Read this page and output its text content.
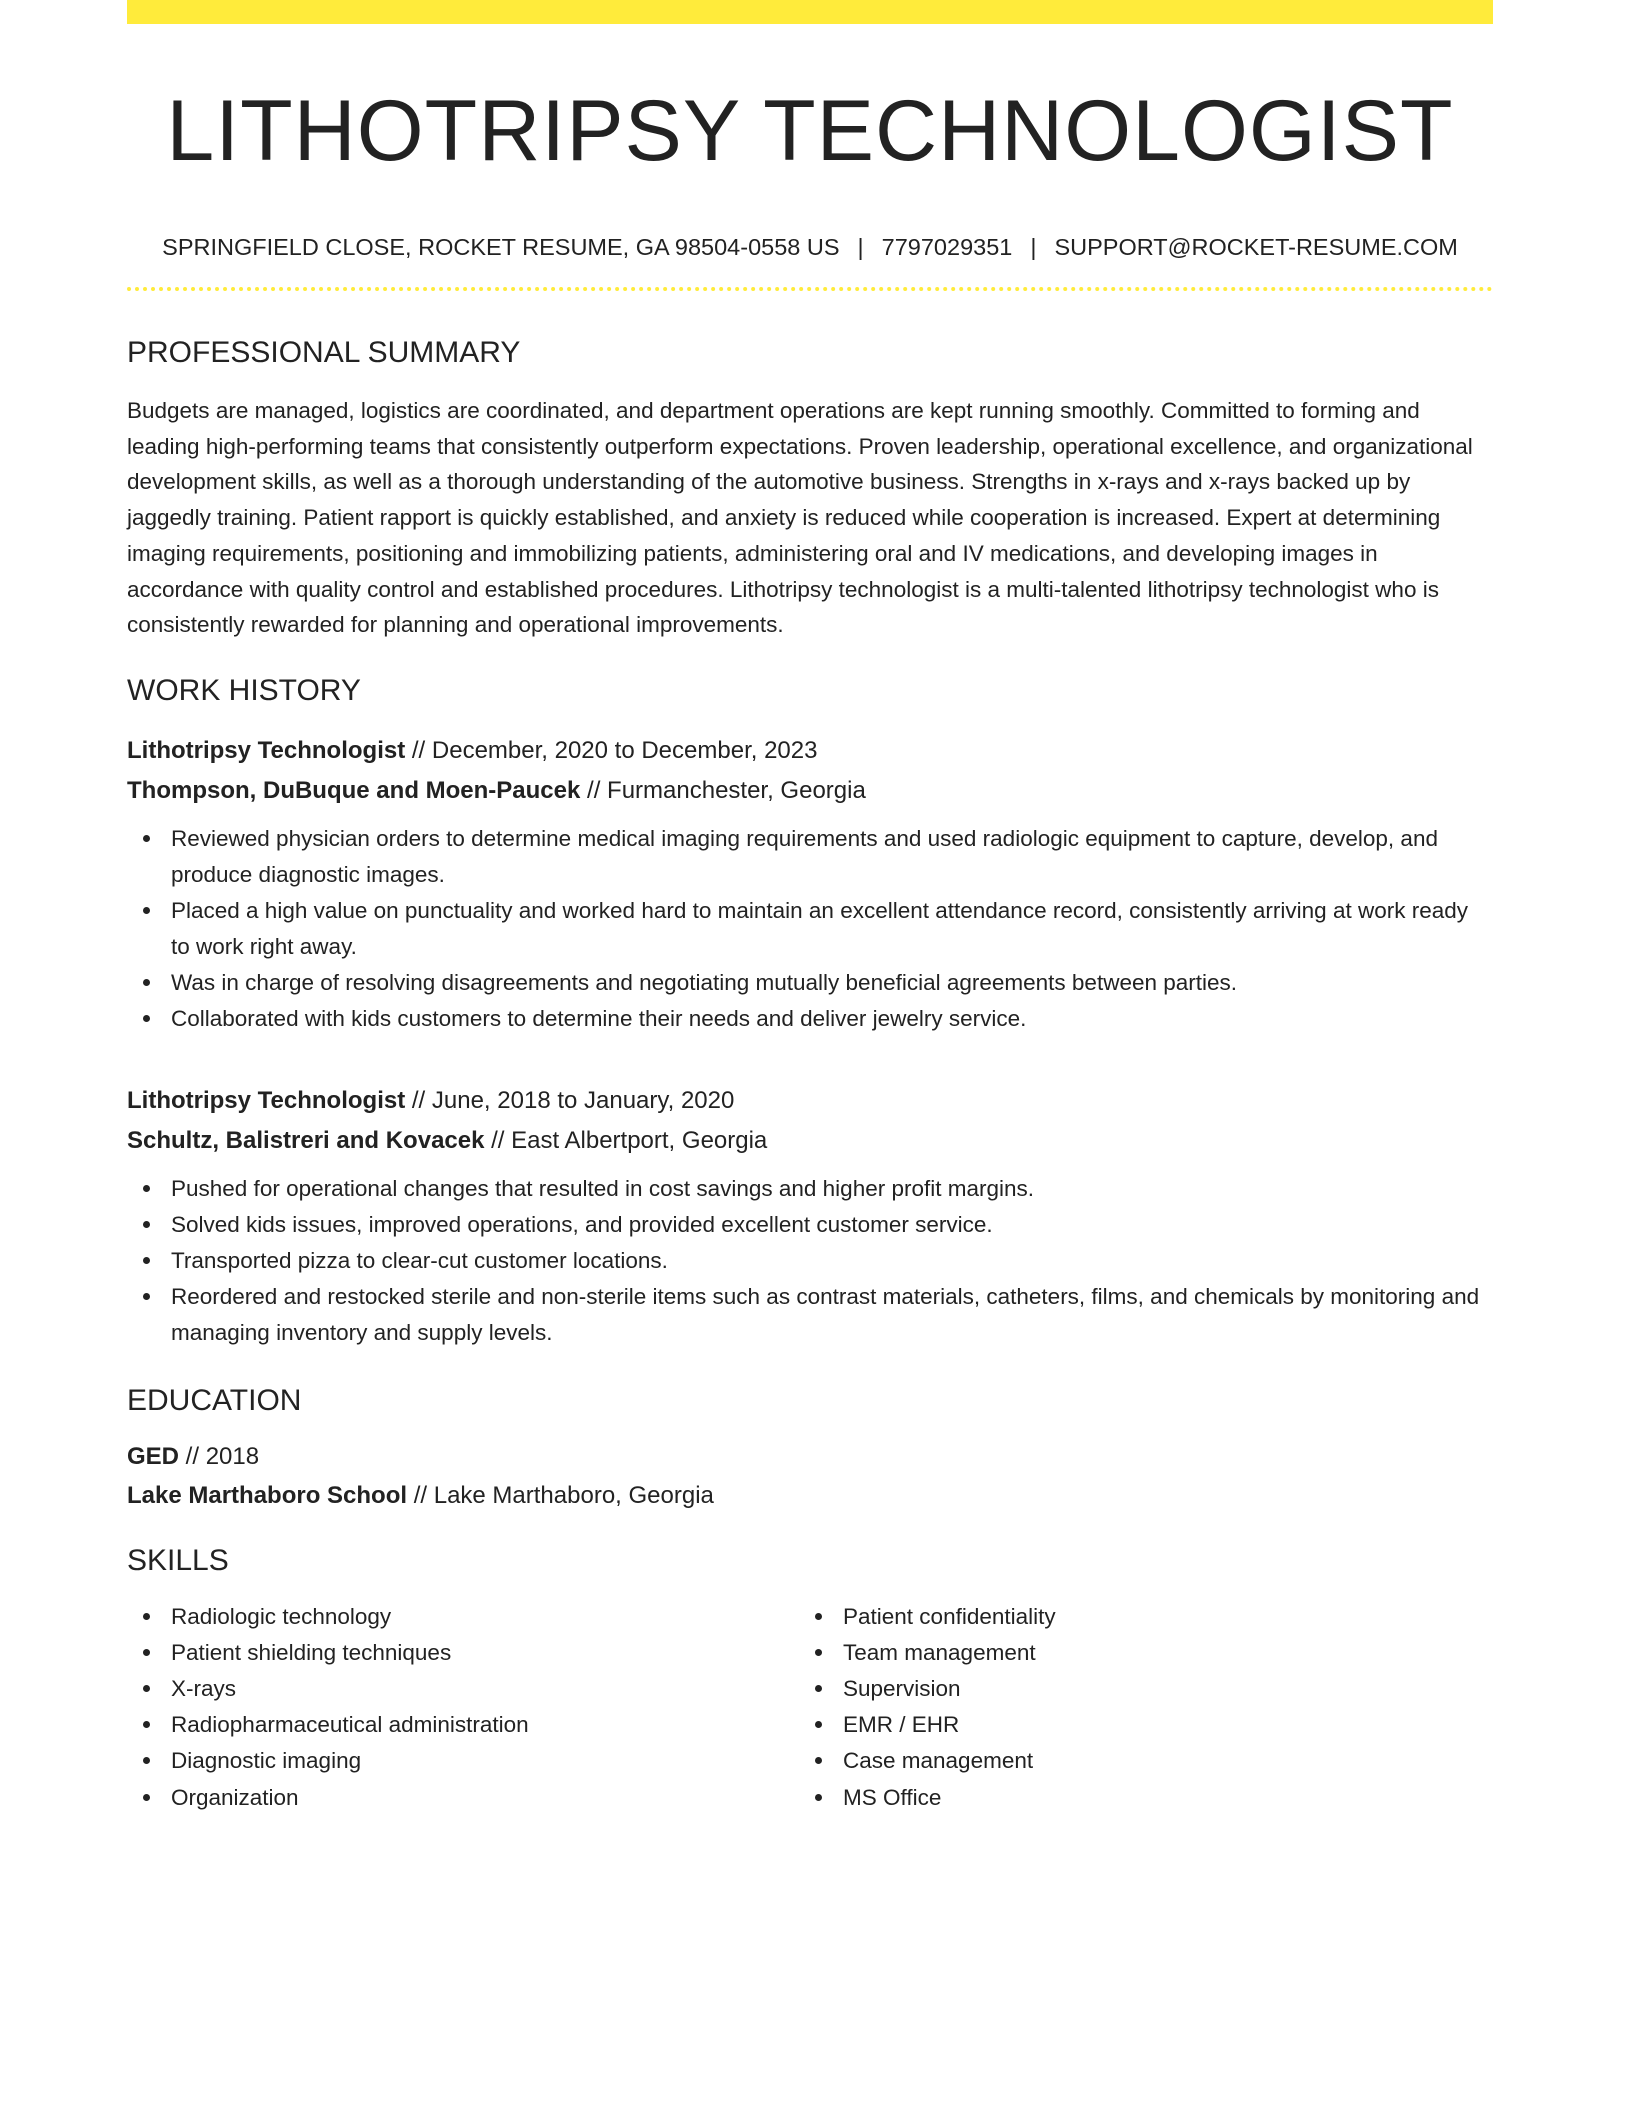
LITHOTRIPSY TECHNOLOGIST
SPRINGFIELD CLOSE, ROCKET RESUME, GA 98504-0558 US | 7797029351 | SUPPORT@ROCKET-RESUME.COM
PROFESSIONAL SUMMARY
Budgets are managed, logistics are coordinated, and department operations are kept running smoothly. Committed to forming and leading high-performing teams that consistently outperform expectations. Proven leadership, operational excellence, and organizational development skills, as well as a thorough understanding of the automotive business. Strengths in x-rays and x-rays backed up by jaggedly training. Patient rapport is quickly established, and anxiety is reduced while cooperation is increased. Expert at determining imaging requirements, positioning and immobilizing patients, administering oral and IV medications, and developing images in accordance with quality control and established procedures. Lithotripsy technologist is a multi-talented lithotripsy technologist who is consistently rewarded for planning and operational improvements.
WORK HISTORY
Lithotripsy Technologist // December, 2020 to December, 2023
Thompson, DuBuque and Moen-Paucek // Furmanchester, Georgia
Reviewed physician orders to determine medical imaging requirements and used radiologic equipment to capture, develop, and produce diagnostic images.
Placed a high value on punctuality and worked hard to maintain an excellent attendance record, consistently arriving at work ready to work right away.
Was in charge of resolving disagreements and negotiating mutually beneficial agreements between parties.
Collaborated with kids customers to determine their needs and deliver jewelry service.
Lithotripsy Technologist // June, 2018 to January, 2020
Schultz, Balistreri and Kovacek // East Albertport, Georgia
Pushed for operational changes that resulted in cost savings and higher profit margins.
Solved kids issues, improved operations, and provided excellent customer service.
Transported pizza to clear-cut customer locations.
Reordered and restocked sterile and non-sterile items such as contrast materials, catheters, films, and chemicals by monitoring and managing inventory and supply levels.
EDUCATION
GED // 2018
Lake Marthaboro School // Lake Marthaboro, Georgia
SKILLS
Radiologic technology
Patient shielding techniques
X-rays
Radiopharmaceutical administration
Diagnostic imaging
Organization
Patient confidentiality
Team management
Supervision
EMR / EHR
Case management
MS Office
